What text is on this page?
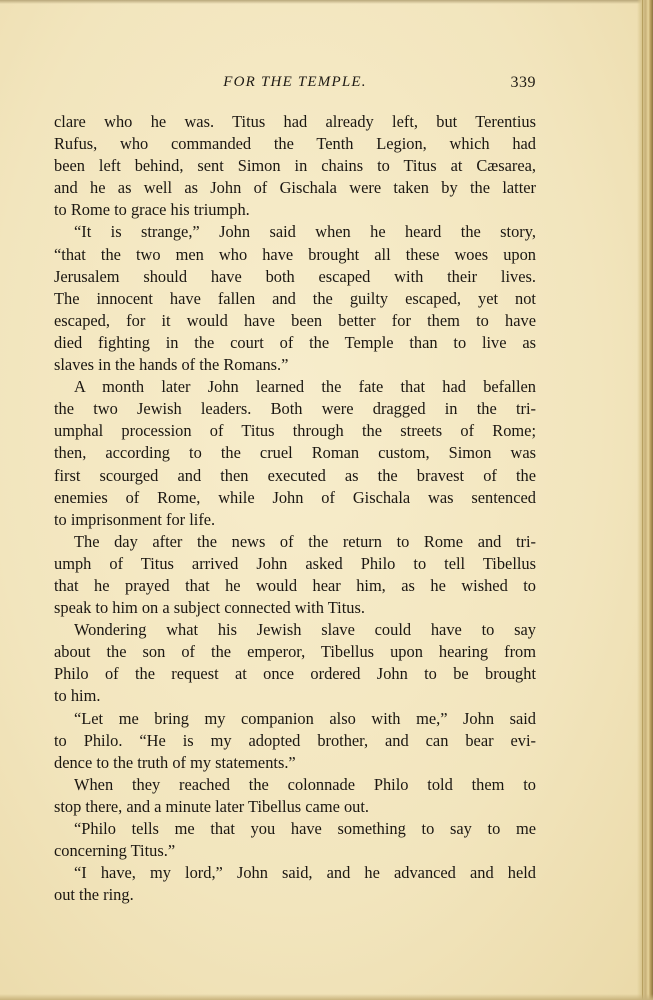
FOR THE TEMPLE.	339
clare who he was. Titus had already left, but Terentius
Rufus, who commanded the Tenth Legion, which had
been left behind, sent Simon in chains to Titus at Cæsarea,
and he as well as John of Gischala were taken by the latter
to Rome to grace his triumph.
“It is strange,” John said when he heard the story,
“that the two men who have brought all these woes upon
Jerusalem should have both escaped with their lives.
The innocent have fallen and the guilty escaped, yet not
escaped, for it would have been better for them to have
died fighting in the court of the Temple than to live as
slaves in the hands of the Romans.”
A month later John learned the fate that had befallen
the two Jewish leaders. Both were dragged in the tri-
umphal procession of Titus through the streets of Rome;
then, according to the cruel Roman custom, Simon was
first scourged and then executed as the bravest of the
enemies of Rome, while John of Gischala was sentenced
to imprisonment for life.
The day after the news of the return to Rome and tri-
umph of Titus arrived John asked Philo to tell Tibellus
that he prayed that he would hear him, as he wished to
speak to him on a subject connected with Titus.
Wondering what his Jewish slave could have to say
about the son of the emperor, Tibellus upon hearing from
Philo of the request at once ordered John to be brought
to him.
“Let me bring my companion also with me,” John said
to Philo. “He is my adopted brother, and can bear evi-
dence to the truth of my statements.”
When they reached the colonnade Philo told them to
stop there, and a minute later Tibellus came out.
“Philo tells me that you have something to say to me
concerning Titus.”
“I have, my lord,” John said, and he advanced and held
out the ring.
